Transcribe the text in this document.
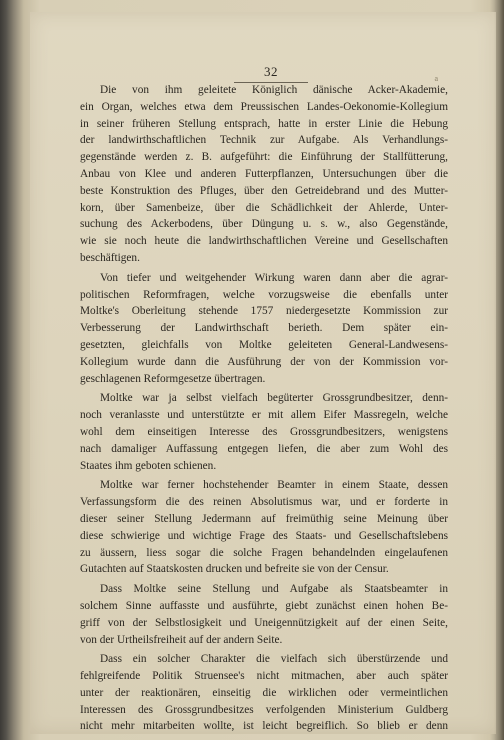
32	a
Die von ihm geleitete Königlich dänische Acker-Akademie,
ein Organ, welches etwa dem Preussischen Landes-Oekonomie-Kollegium
in seiner früheren Stellung entsprach, hatte in erster Linie die Hebung
der landwirthschaftlichen Technik zur Aufgabe. Als Verhandlungs-
gegenstände werden z. B. aufgeführt: die Einführung der Stallfütterung,
Anbau von Klee und anderen Futterpflanzen, Untersuchungen über die
beste Konstruktion des Pfluges, über den Getreidebrand und des Mutter-
korn, über Samenbeize, über die Schädlichkeit der Ahlerde, Unter-
suchung des Ackerbodens, über Düngung u. s. w., also Gegenstände,
wie sie noch heute die landwirthschaftlichen Vereine und Gesellschaften
beschäftigen.
Von tiefer und weitgehender Wirkung waren dann aber die agrar-
politischen Reformfragen, welche vorzugsweise die ebenfalls unter
Moltke's Oberleitung stehende 1757 niedergesetzte Kommission zur
Verbesserung der Landwirthschaft berieth. Dem später ein-
gesetzten, gleichfalls von Moltke geleiteten General-Landwesens-
Kollegium wurde dann die Ausführung der von der Kommission vor-
geschlagenen Reformgesetze übertragen.
Moltke war ja selbst vielfach begüterter Grossgrundbesitzer, denn-
noch veranlasste und unterstützte er mit allem Eifer Massregeln, welche
wohl dem einseitigen Interesse des Grossgrundbesitzers, wenigstens
nach damaliger Auffassung entgegen liefen, die aber zum Wohl des
Staates ihm geboten schienen.
Moltke war ferner hochstehender Beamter in einem Staate, dessen
Verfassungsform die des reinen Absolutismus war, und er forderte in
dieser seiner Stellung Jedermann auf freimüthig seine Meinung über
diese schwierige und wichtige Frage des Staats- und Gesellschaftslebens
zu äussern, liess sogar die solche Fragen behandelnden eingelaufenen
Gutachten auf Staatskosten drucken und befreite sie von der Censur.
Dass Moltke seine Stellung und Aufgabe als Staatsbeamter in
solchem Sinne auffasste und ausführte, giebt zunächst einen hohen Be-
griff von der Selbstlosigkeit und Uneigennützigkeit auf der einen Seite,
von der Urtheilsfreiheit auf der andern Seite.
Dass ein solcher Charakter die vielfach sich überstürzende und
fehlgreifende Politik Struensee's nicht mitmachen, aber auch später
unter der reaktionären, einseitig die wirklichen oder vermeintlichen
Interessen des Grossgrundbesitzes verfolgenden Ministerium Guldberg
nicht mehr mitarbeiten wollte, ist leicht begreiflich. So blieb er denn
